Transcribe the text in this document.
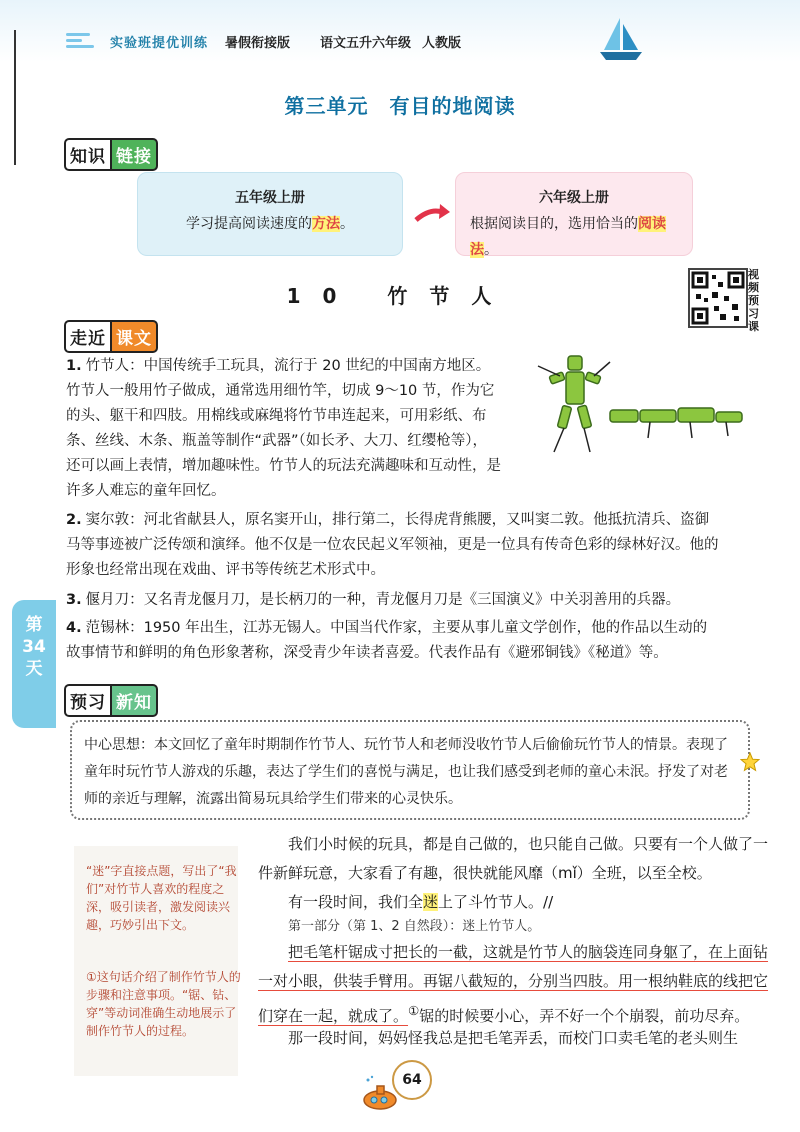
实验班提优训练 暑假衔接版 语文五升六年级 人教版
第三单元　有目的地阅读
知识 链接
五年级上册
学习提高阅读速度的方法。
六年级上册
根据阅读目的，选用恰当的阅读法。
10 竹节人
视频预习课
走近 课文
1. 竹节人：中国传统手工玩具，流行于 20 世纪的中国南方地区。竹节人一般用竹子做成，通常选用细竹竿，切成 9～10 节，作为它的头、躯干和四肢。用棉线或麻绳将竹节串连起来，可用彩纸、布条、丝线、木条、瓶盖等制作“武器”（如长矛、大刀、红缨枪等），还可以画上表情，增加趣味性。竹节人的玩法充满趣味和互动性，是许多人难忘的童年回忆。
2. 窦尔敦：河北省献县人，原名窦开山，排行第二，长得虎背熊腰，又叫窦二敦。他抵抗清兵、盗御马等事迹被广泛传颂和演绎。他不仅是一位农民起义军领袖，更是一位具有传奇色彩的绿林好汉。他的形象也经常出现在戏曲、评书等传统艺术形式中。
3. 偃月刀：又名青龙偃月刀，是长柄刀的一种，青龙偃月刀是《三国演义》中关羽善用的兵器。
4. 范锡林：1950 年出生，江苏无锡人。中国当代作家，主要从事儿童文学创作，他的作品以生动的故事情节和鲜明的角色形象著称，深受青少年读者喜爱。代表作品有《避邪铜钱》《秘道》等。
第
34
天
预习 新知
中心思想：本文回忆了童年时期制作竹节人、玩竹节人和老师没收竹节人后偷偷玩竹节人的情景。表现了童年时玩竹节人游戏的乐趣，表达了学生们的喜悦与满足，也让我们感受到老师的童心未泯。抒发了对老师的亲近与理解，流露出简易玩具给学生们带来的心灵快乐。
“迷”字直接点题，写出了“我们”对竹节人喜欢的程度之深，吸引读者，激发阅读兴趣，巧妙引出下文。
①这句话介绍了制作竹节人的步骤和注意事项。“锯、钻、穿”等动词准确生动地展示了制作竹节人的过程。
我们小时候的玩具，都是自己做的，也只能自己做。只要有一个人做了一件新鲜玩意，大家看了有趣，很快就能风靡（mǐ）全班，以至全校。
有一段时间，我们全迷上了斗竹节人。//
第一部分（第 1、2 自然段）：迷上竹节人。
把毛笔杆锯成寸把长的一截，这就是竹节人的脑袋连同身躯了，在上面钻一对小眼，供装手臂用。再锯八截短的，分别当四肢。用一根纳鞋底的线把它们穿在一起，就成了。①锯的时候要小心，弄不好一个个崩裂，前功尽弃。
那一段时间，妈妈怪我总是把毛笔弄丢，而校门口卖毛笔的老头则生
64
